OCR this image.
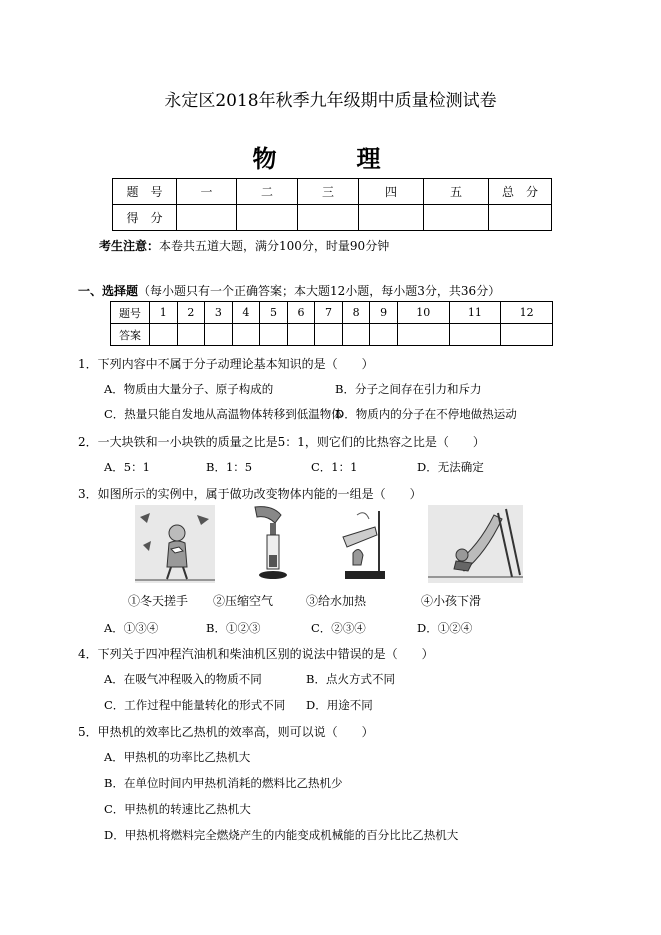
永定区2018年秋季九年级期中质量检测试卷
物　理
题　号	一	二	三	四	五	总　分
得　分						
考生注意：本卷共五道大题，满分100分，时量90分钟
一、选择题（每小题只有一个正确答案；本大题12小题，每小题3分，共36分）
题号	1	2	3	4	5	6	7	8	9	10	11	12
答案												
1．下列内容中不属于分子动理论基本知识的是（　　）
A．物质由大量分子、原子构成的	B．分子之间存在引力和斥力
C．热量只能自发地从高温物体转移到低温物体
D．物质内的分子在不停地做热运动
2．一大块铁和一小块铁的质量之比是5：1，则它们的比热容之比是（　　）
A．5：1	B．1：5	C．1：1	D．无法确定
3．如图所示的实例中，属于做功改变物体内能的一组是（　　）
①冬天搓手 ②压缩空气	③给水加热	④小孩下滑
A．①③④	B．①②③	C．②③④	D．①②④
4．下列关于四冲程汽油机和柴油机区别的说法中错误的是（　　）
A．在吸气冲程吸入的物质不同	B．点火方式不同
C．工作过程中能量转化的形式不同 D．用途不同
5．甲热机的效率比乙热机的效率高，则可以说（　　）
A．甲热机的功率比乙热机大
B．在单位时间内甲热机消耗的燃料比乙热机少
C．甲热机的转速比乙热机大
D．甲热机将燃料完全燃烧产生的内能变成机械能的百分比比乙热机大
